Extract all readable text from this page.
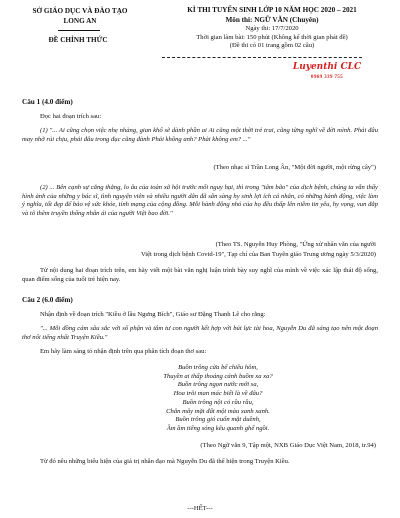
SỞ GIÁO DỤC VÀ ĐÀO TẠO
LONG AN
ĐỀ CHÍNH THỨC
KÌ THI TUYỂN SINH LỚP 10 NĂM HỌC 2020 – 2021
Môn thi: NGỮ VĂN (Chuyên)
Ngày thi: 17/7/2020
Thời gian làm bài: 150 phút (Không kể thời gian phát đề)
(Đề thi có 01 trang gồm 02 câu)
Luyenthi CLC
0969 339 755
Câu 1 (4.0 điểm)
Đọc hai đoạn trích sau:
(1) "... Ai cũng chọn việc nhẹ nhàng, gian khổ sẽ dành phần ai Ai cũng một thời trẻ trai, cũng từng nghĩ về đời mình. Phải đâu may nhờ rủi chịu, phải đâu trong đục cũng đành Phải không anh? Phải không em? ..."
(Theo nhạc sĩ Trần Long Ân, "Một đời người, một rừng cây")
(2) ... Bên cạnh sự căng thẳng, lo âu của toàn xã hội trước mối nguy hại, thì trong "tâm bão" của dịch bệnh, chúng ta vẫn thấy hình ảnh của những y bác sĩ, tình nguyện viên và nhiều người dân đã sẵn sàng hy sinh lợi ích cá nhân, có những hành động, việc làm ý nghĩa, tốt đẹp để bảo vệ sức khỏe, tính mạng của cộng đồng. Mỗi hành động nhỏ của họ đều thấp lên niềm tin yêu, hy vọng, vun đắp và tô thêm truyền thống nhân ái của người Việt bao đời."
(Theo TS. Nguyễn Huy Phòng, "Ứng xử nhân văn của người
Việt trong dịch bệnh Covid-19", Tạp chí của Ban Tuyên giáo Trung ương ngày 5/3/2020)
Từ nội dung hai đoạn trích trên, em hãy viết một bài văn nghị luận trình bày suy nghĩ của mình về việc xác lập thái độ sống, quan điểm sống của tuổi trẻ hiện nay.
Câu 2 (6.0 điểm)
Nhận định về đoạn trích "Kiều ở lầu Ngưng Bích", Giáo sư Đặng Thanh Lê cho rằng:
"... Mỗi đồng cảm sâu sắc với số phận và tâm tư con người kết hợp với bút lực tài hoa, Nguyễn Du đã sáng tạo nên một đoạn thơ nổi tiếng nhất Truyện Kiều."
Em hãy làm sáng tỏ nhận định trên qua phân tích đoạn thơ sau:
Buồn trông cửa bể chiều hôm,
Thuyền ai thấp thoáng cánh buồm xa xa?
Buồn trông ngọn nước mới sa,
Hoa trôi man mác biết là về đâu?
Buồn trông nội cỏ rầu rầu,
Chân mây mặt đất một màu xanh xanh.
Buồn trông gió cuốn mặt duềnh,
Ầm ầm tiếng sóng kêu quanh ghế ngồi.
(Theo Ngữ văn 9, Tập một, NXB Giáo Dục Việt Nam, 2018, tr.94)
Từ đó nêu những biểu hiện của giá trị nhân đạo mà Nguyễn Du đã thể hiện trong Truyện Kiều.
---HẾT---
